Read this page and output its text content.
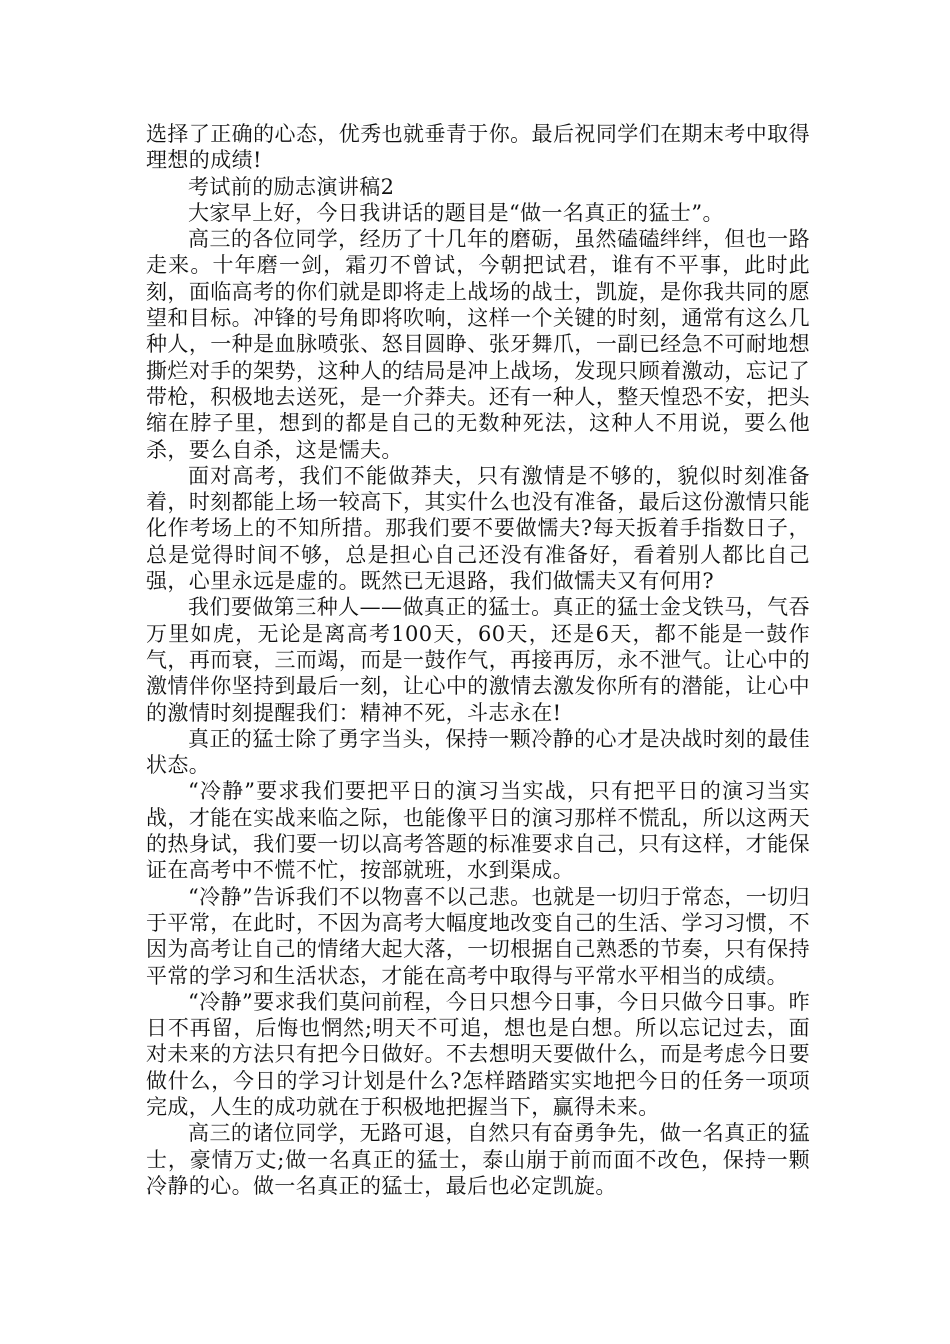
选择了正确的心态，优秀也就垂青于你。最后祝同学们在期末考中取得理想的成绩!

考试前的励志演讲稿2

大家早上好，今日我讲话的题目是“做一名真正的猛士”。

高三的各位同学，经历了十几年的磨砺，虽然磕磕绊绊，但也一路走来。十年磨一剑，霜刃不曾试，今朝把试君，谁有不平事，此时此刻，面临高考的你们就是即将走上战场的战士，凯旋，是你我共同的愿望和目标。冲锋的号角即将吹响，这样一个关键的时刻，通常有这么几种人，一种是血脉喷张、怒目圆睁、张牙舞爪，一副已经急不可耐地想撕烂对手的架势，这种人的结局是冲上战场，发现只顾着激动，忘记了带枪，积极地去送死，是一介莽夫。还有一种人，整天惶恐不安，把头缩在脖子里，想到的都是自己的无数种死法，这种人不用说，要么他杀，要么自杀，这是懦夫。

面对高考，我们不能做莽夫，只有激情是不够的，貌似时刻准备着，时刻都能上场一较高下，其实什么也没有准备，最后这份激情只能化作考场上的不知所措。那我们要不要做懦夫?每天扳着手指数日子，总是觉得时间不够，总是担心自己还没有准备好，看着别人都比自己强，心里永远是虚的。既然已无退路，我们做懦夫又有何用?

我们要做第三种人——做真正的猛士。真正的猛士金戈铁马，气吞万里如虎，无论是离高考100天，60天，还是6天，都不能是一鼓作气，再而衰，三而竭，而是一鼓作气，再接再厉，永不泄气。让心中的激情伴你坚持到最后一刻，让心中的激情去激发你所有的潜能，让心中的激情时刻提醒我们：精神不死，斗志永在!

真正的猛士除了勇字当头，保持一颗冷静的心才是决战时刻的最佳状态。

“冷静”要求我们要把平日的演习当实战，只有把平日的演习当实战，才能在实战来临之际，也能像平日的演习那样不慌乱，所以这两天的热身试，我们要一切以高考答题的标准要求自己，只有这样，才能保证在高考中不慌不忙，按部就班，水到渠成。

“冷静”告诉我们不以物喜不以己悲。也就是一切归于常态，一切归于平常，在此时，不因为高考大幅度地改变自己的生活、学习习惯，不因为高考让自己的情绪大起大落，一切根据自己熟悉的节奏，只有保持平常的学习和生活状态，才能在高考中取得与平常水平相当的成绩。

“冷静”要求我们莫问前程，今日只想今日事，今日只做今日事。昨日不再留，后悔也惘然;明天不可追，想也是白想。所以忘记过去，面对未来的方法只有把今日做好。不去想明天要做什么，而是考虑今日要做什么，今日的学习计划是什么?怎样踏踏实实地把今日的任务一项项完成，人生的成功就在于积极地把握当下，赢得未来。

高三的诸位同学，无路可退，自然只有奋勇争先，做一名真正的猛士，豪情万丈;做一名真正的猛士，泰山崩于前而面不改色，保持一颗冷静的心。做一名真正的猛士，最后也必定凯旋。
